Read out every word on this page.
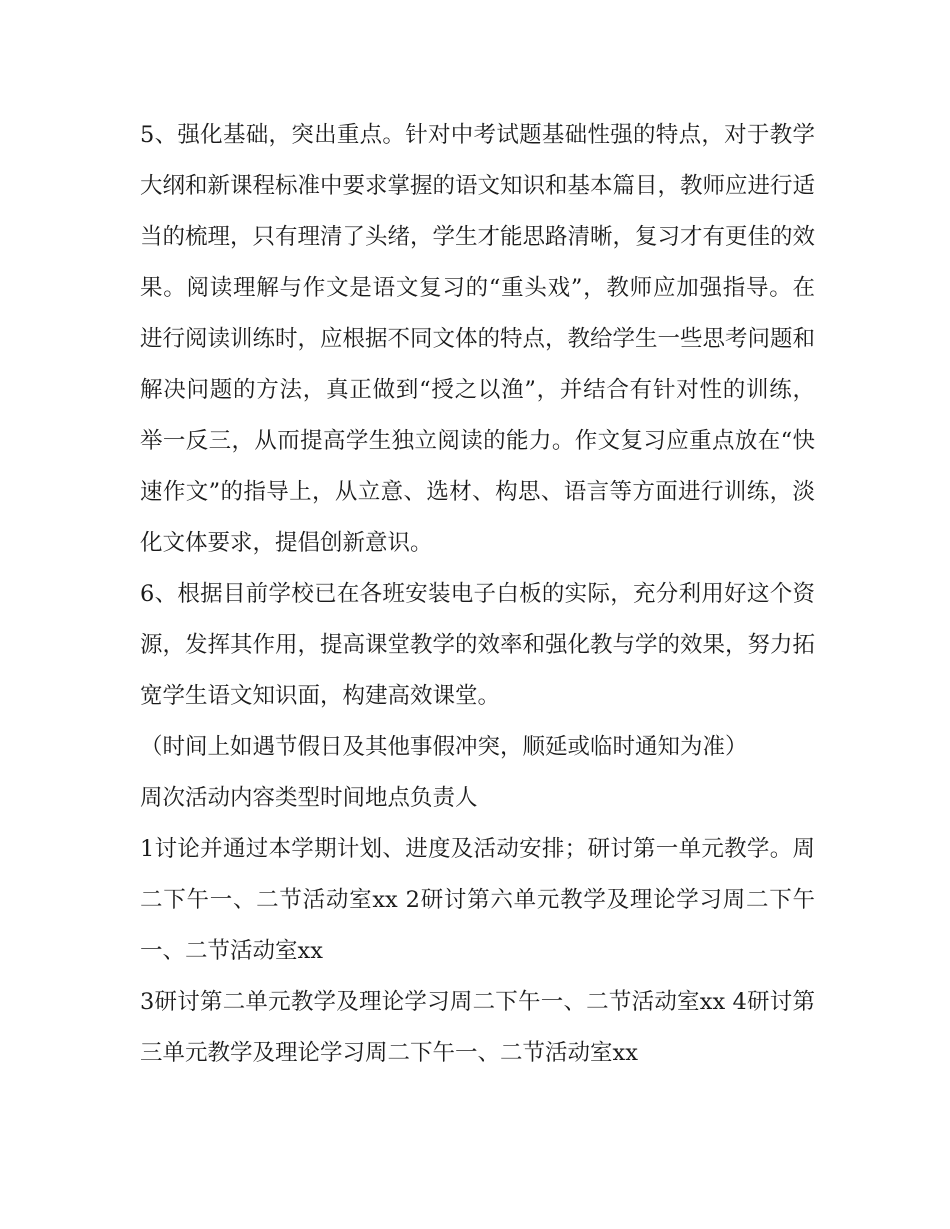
5、强化基础，突出重点。针对中考试题基础性强的特点，对于教学大纲和新课程标准中要求掌握的语文知识和基本篇目，教师应进行适当的梳理，只有理清了头绪，学生才能思路清晰，复习才有更佳的效果。阅读理解与作文是语文复习的“重头戏”，教师应加强指导。在进行阅读训练时，应根据不同文体的特点，教给学生一些思考问题和解决问题的方法，真正做到“授之以渔”，并结合有针对性的训练，举一反三，从而提高学生独立阅读的能力。作文复习应重点放在“快速作文”的指导上，从立意、选材、构思、语言等方面进行训练，淡化文体要求，提倡创新意识。

6、根据目前学校已在各班安装电子白板的实际，充分利用好这个资源，发挥其作用，提高课堂教学的效率和强化教与学的效果，努力拓宽学生语文知识面，构建高效课堂。

（时间上如遇节假日及其他事假冲突，顺延或临时通知为准）

周次活动内容类型时间地点负责人

1讨论并通过本学期计划、进度及活动安排；研讨第一单元教学。周二下午一、二节活动室xx 2研讨第六单元教学及理论学习周二下午一、二节活动室xx

3研讨第二单元教学及理论学习周二下午一、二节活动室xx 4研讨第三单元教学及理论学习周二下午一、二节活动室xx
